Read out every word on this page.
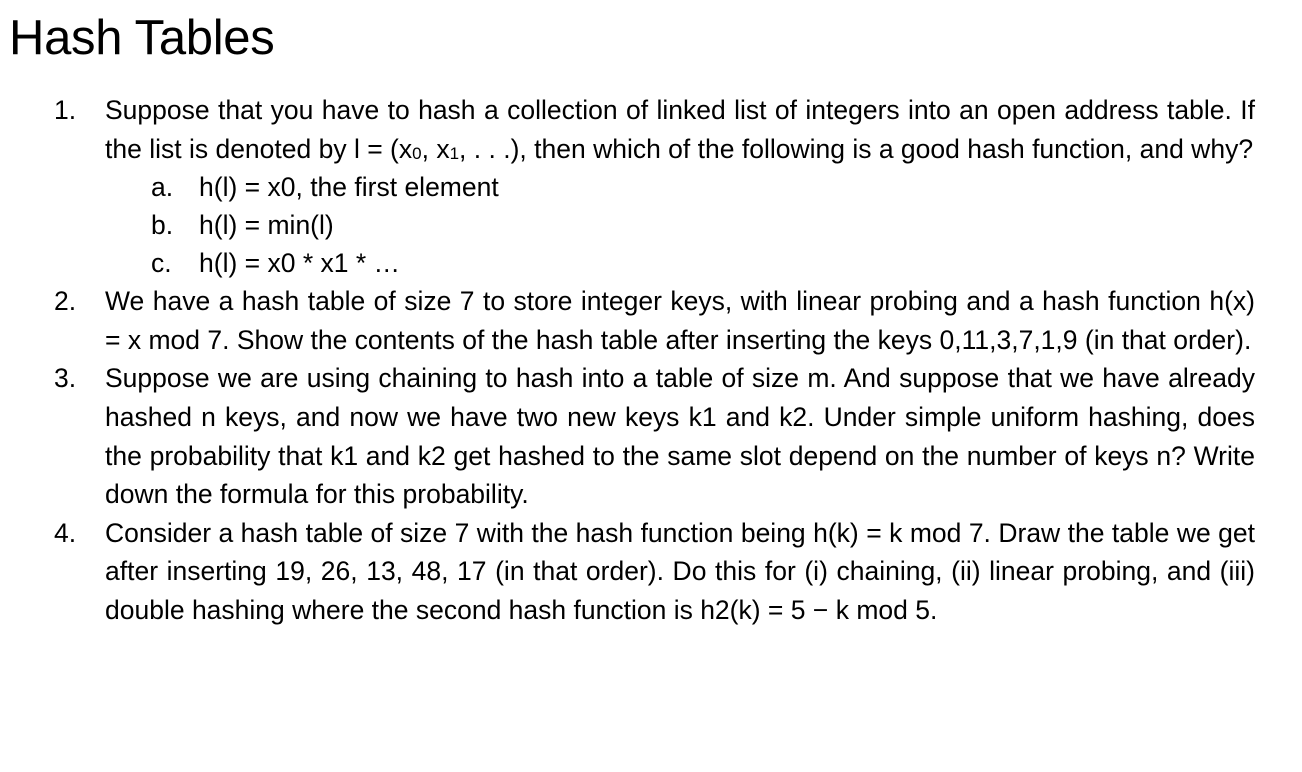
Hash Tables
1.	Suppose that you have to hash a collection of linked list of integers into an open address table. If the list is denoted by $l = (x_0$, $x_1$, . . .), then which of the following is a good hash function, and why?
a. h(l) = x0, the first element
b. h(l) = min(l)
c.	h(l) = x0 * x1 * …
2.	We have a hash table of size 7 to store integer keys, with linear probing and a hash function h(x) = x mod 7. Show the contents of the hash table after inserting the keys 0,11,3,7,1,9 (in that order).
3.	Suppose we are using chaining to hash into a table of size m. And suppose that we have already hashed n keys, and now we have two new keys k1 and k2. Under simple uniform hashing, does the probability that k1 and k2 get hashed to the same slot depend on the number of keys n? Write down the formula for this probability.
4.	Consider a hash table of size 7 with the hash function being h(k) = k mod 7. Draw the table we get after inserting 19, 26, 13, 48, 17 (in that order). Do this for (i) chaining, (ii) linear probing, and (iii) double hashing where the second hash function is h2(k) = 5 − k mod 5.
